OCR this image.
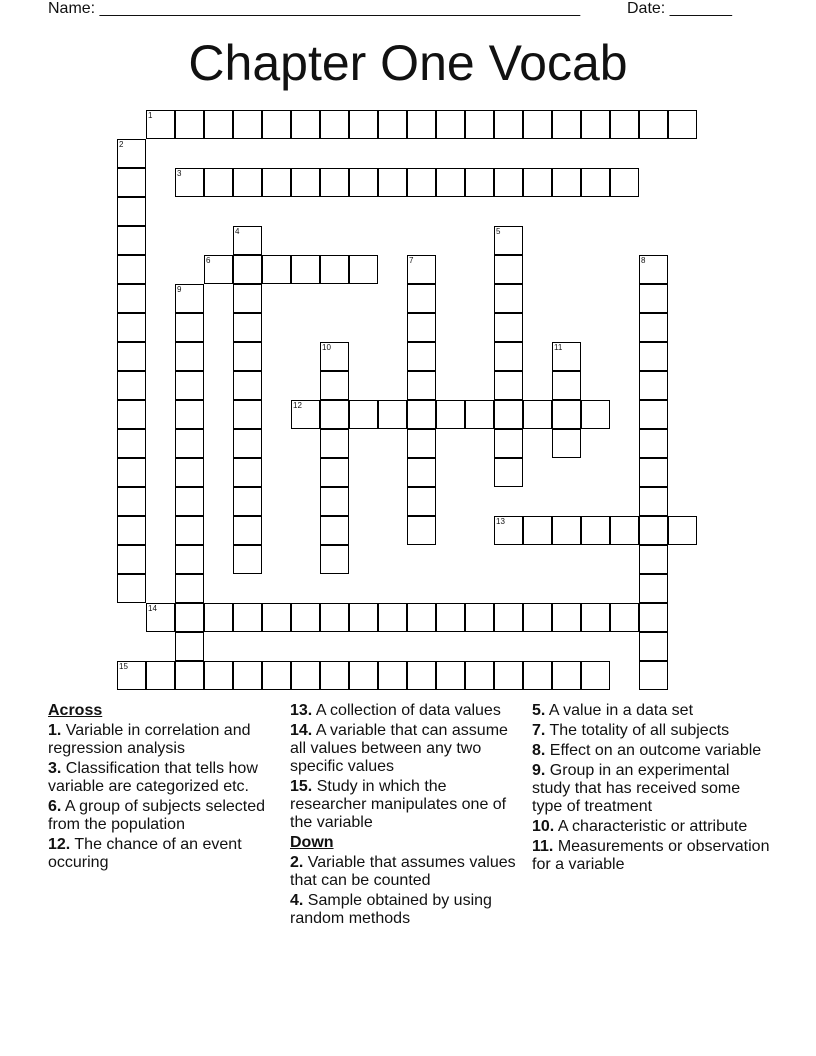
Name: ______________________________________________________	Date: _______
Chapter One Vocab
1
2
3
4	5
6	7	8
9
10	11
12
13
14
15
Across
1. Variable in correlation and regression analysis
3. Classification that tells how variable are categorized etc.
6. A group of subjects selected from the population
12. The chance of an event occuring
13. A collection of data values
14. A variable that can assume all values between any two specific values
15. Study in which the researcher manipulates one of the variable
Down
2. Variable that assumes values that can be counted
4. Sample obtained by using random methods
5. A value in a data set
7. The totality of all subjects
8. Effect on an outcome variable
9. Group in an experimental study that has received some type of treatment
10. A characteristic or attribute
11. Measurements or observation for a variable
